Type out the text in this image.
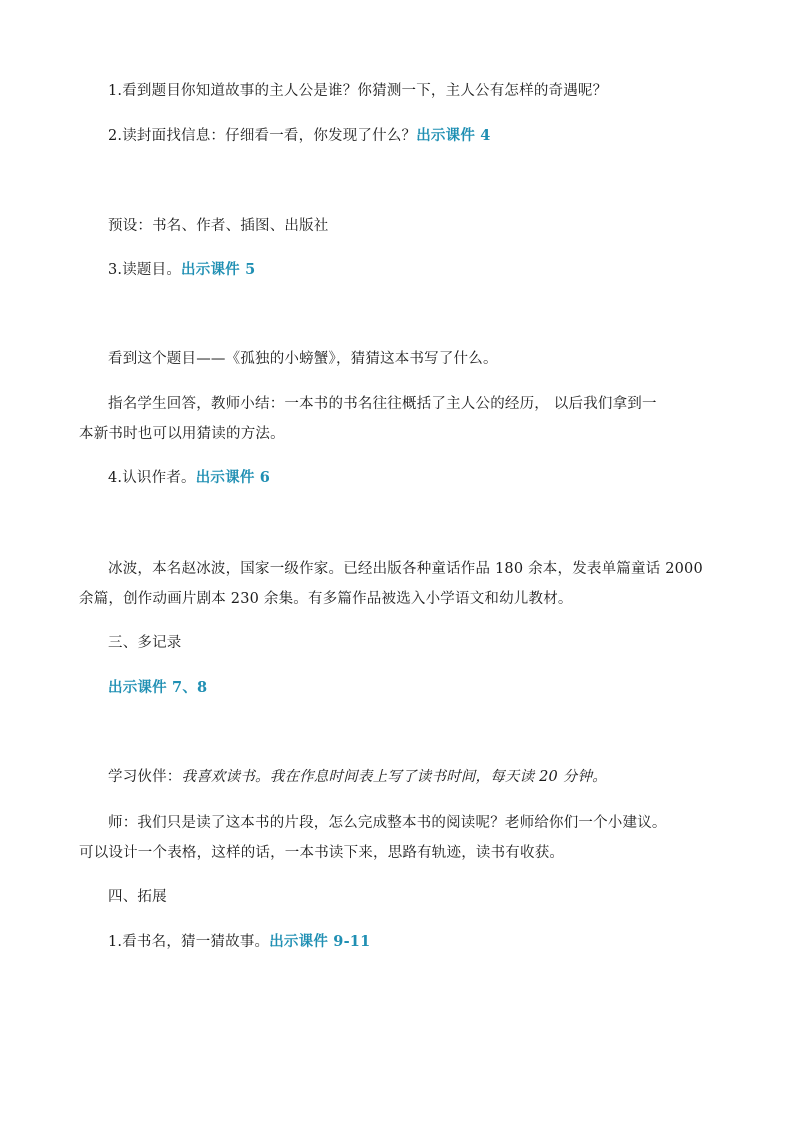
1.看到题目你知道故事的主人公是谁？你猜测一下，主人公有怎样的奇遇呢？
2.读封面找信息：仔细看一看，你发现了什么？出示课件 4
预设：书名、作者、插图、出版社
3.读题目。出示课件 5
看到这个题目——《孤独的小螃蟹》，猜猜这本书写了什么。
指名学生回答，教师小结：一本书的书名往往概括了主人公的经历， 以后我们拿到一
本新书时也可以用猜读的方法。
4.认识作者。出示课件 6
冰波，本名赵冰波，国家一级作家。已经出版各种童话作品 180 余本，发表单篇童话 2000
余篇，创作动画片剧本 230 余集。有多篇作品被选入小学语文和幼儿教材。
三、多记录
出示课件 7、8
学习伙伴：我喜欢读书。我在作息时间表上写了读书时间，每天读 20 分钟。
师：我们只是读了这本书的片段，怎么完成整本书的阅读呢？老师给你们一个小建议。
可以设计一个表格，这样的话，一本书读下来，思路有轨迹，读书有收获。
四、拓展
1.看书名，猜一猜故事。出示课件 9-11
